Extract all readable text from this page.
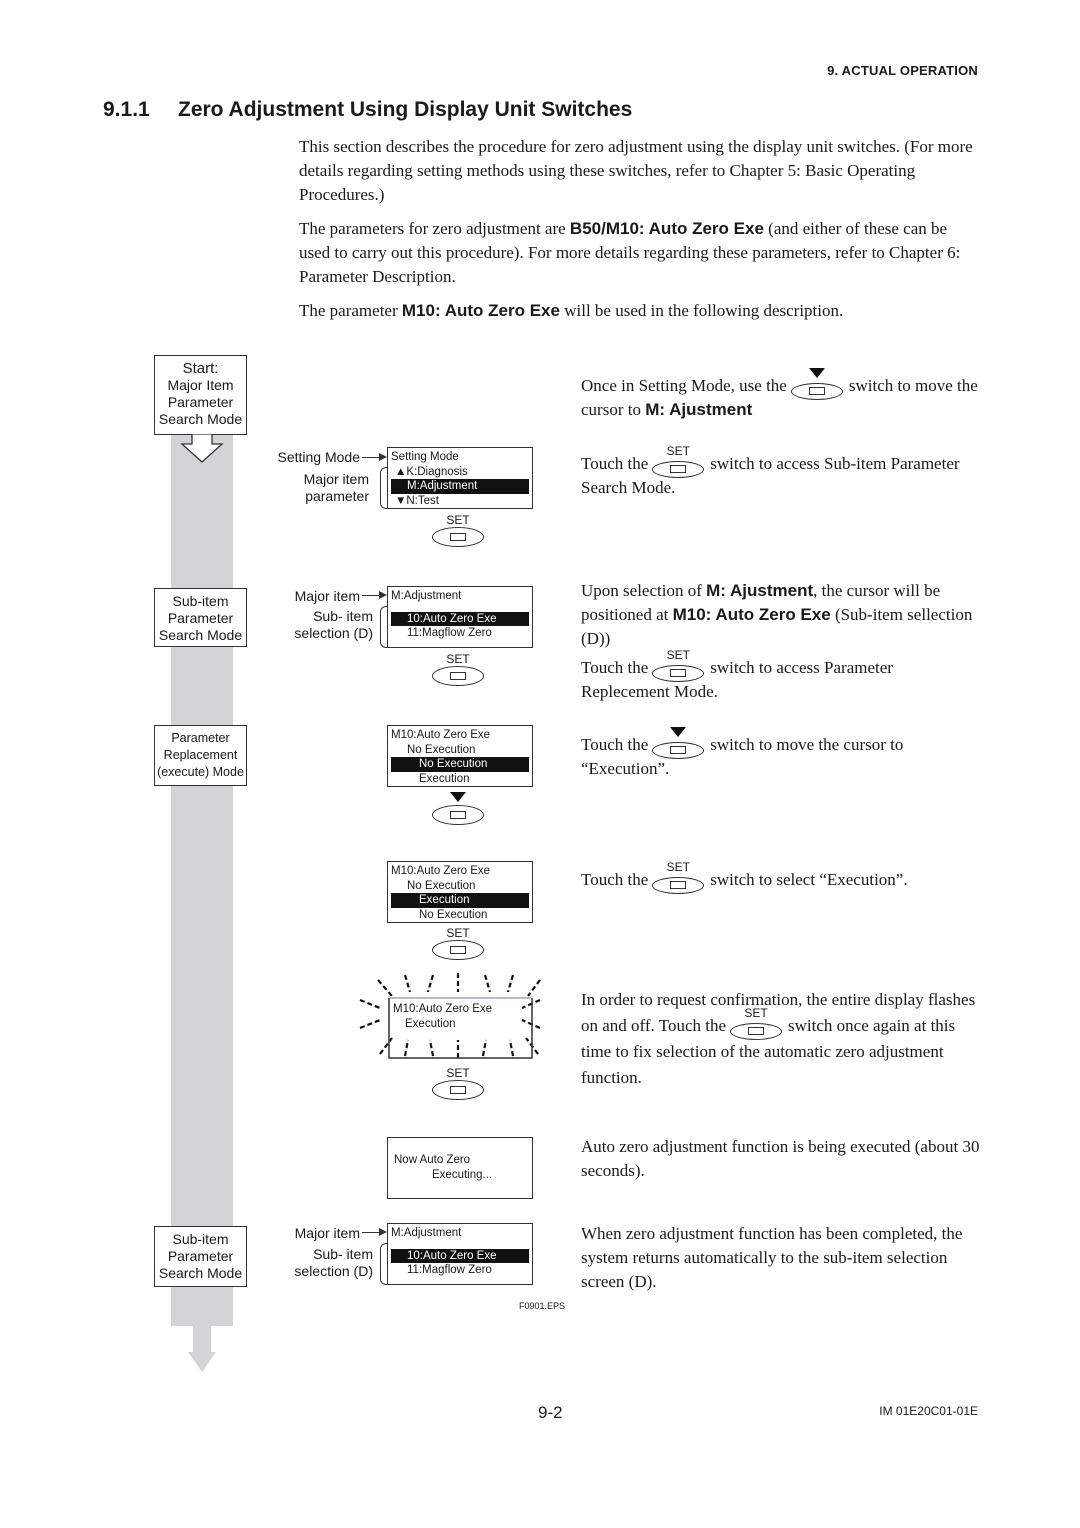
9. ACTUAL OPERATION
9.1.1 Zero Adjustment Using Display Unit Switches

This section describes the procedure for zero adjustment using the display unit switches. (For more details regarding setting methods using these switches, refer to Chapter 5: Basic Operating Procedures.)

The parameters for zero adjustment are B50/M10: Auto Zero Exe (and either of these can be used to carry out this procedure). For more details regarding these parameters, refer to Chapter 6: Parameter Description.

The parameter M10: Auto Zero Exe will be used in the following description.

Start:
Major Item
Parameter
Search Mode
Sub-item
Parameter
Search Mode
Parameter
Replacement
(execute) Mode
Sub-item
Parameter
Search Mode
Setting Mode
Major item
parameter
Setting Mode
▲K:Diagnosis
M:Adjustment
▼N:Test
SET
Major item
Sub- item
selection (D)
M:Adjustment
10:Auto Zero Exe
11:Magflow Zero
SET
M10:Auto Zero Exe
No Execution
No Execution
Execution
M10:Auto Zero Exe
No Execution
Execution
No Execution
SET
M10:Auto Zero Exe
Execution
SET
Now Auto Zero
Executing...
Major item
Sub- item
selection (D)
M:Adjustment
10:Auto Zero Exe
11:Magflow Zero
F0901.EPS
Once in Setting Mode, use the	switch to move the cursor to M: Ajustment
Touch the
SET
switch to access Sub-item Parameter Search Mode.
Upon selection of M: Ajustment, the cursor will be positioned at M10: Auto Zero Exe (Sub-item sellection (D))
Touch the
SET
switch to access Parameter Replecement Mode.
Touch the	switch to move the cursor to “Execution”.
Touch the
SET
switch to select “Execution”.
In order to request confirmation, the entire display flashes on and off. Touch the
SET
switch once again at this time to fix selection of the automatic zero adjustment function.
Auto zero adjustment function is being executed (about 30 seconds).
When zero adjustment function has been completed, the system returns automatically to the sub-item selection screen (D).
9-2	IM 01E20C01-01E
